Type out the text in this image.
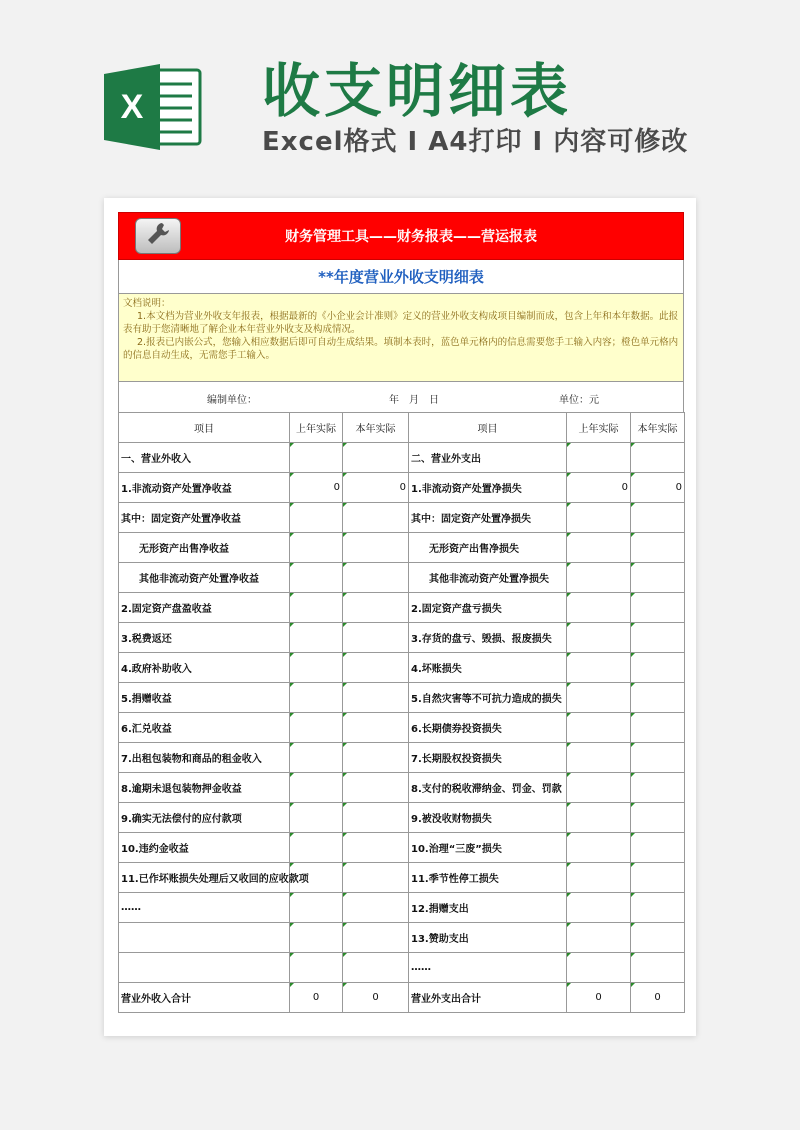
X 收支明细表
Excel格式 I A4打印 I 内容可修改
财务管理工具——财务报表——营运报表
**年度营业外收支明细表

文档说明：

1.本文档为营业外收支年报表，根据最新的《小企业会计准则》定义的营业外收支构成项目编制而成，包含上年和本年数据。此报表有助于您清晰地了解企业本年营业外收支及构成情况。

2.报表已内嵌公式，您输入相应数据后即可自动生成结果。填制本表时，蓝色单元格内的信息需要您手工输入内容；橙色单元格内的信息自动生成，无需您手工输入。

编制单位：	年　月　日	单位：元
项目	上年实际	本年实际	项目	上年实际	本年实际
一、营业外收入			二、营业外支出		
1.非流动资产处置净收益	0	0	1.非流动资产处置净损失	0	0
其中：固定资产处置净收益			其中：固定资产处置净损失		
无形资产出售净收益			无形资产出售净损失		
其他非流动资产处置净收益			其他非流动资产处置净损失		
2.固定资产盘盈收益			2.固定资产盘亏损失		
3.税费返还			3.存货的盘亏、毁损、报废损失		
4.政府补助收入			4.坏账损失		
5.捐赠收益			5.自然灾害等不可抗力造成的损失		
6.汇兑收益			6.长期债券投资损失		
7.出租包装物和商品的租金收入			7.长期股权投资损失		
8.逾期未退包装物押金收益			8.支付的税收滞纳金、罚金、罚款		
9.确实无法偿付的应付款项			9.被没收财物损失		
10.违约金收益			10.治理“三废”损失		
11.已作坏账损失处理后又收回的应收款项			11.季节性停工损失		
……			12.捐赠支出		
			13.赞助支出		
			……		
营业外收入合计	0	0	营业外支出合计	0	0
